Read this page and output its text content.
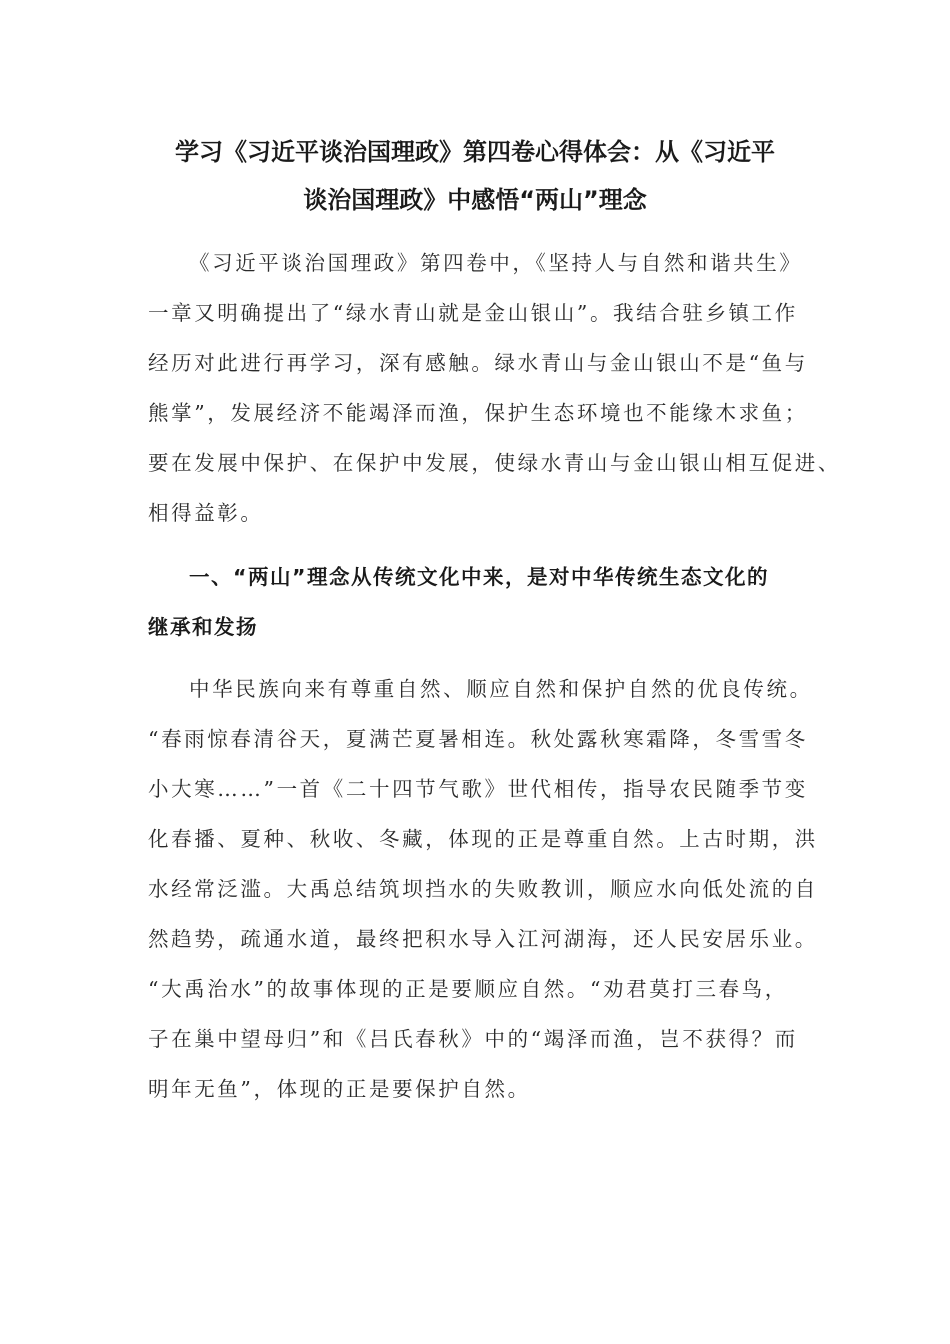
学习《习近平谈治国理政》第四卷心得体会：从《习近平
谈治国理政》中感悟“两山”理念
《习近平谈治国理政》第四卷中，《坚持人与自然和谐共生》
一章又明确提出了“绿水青山就是金山银山”。我结合驻乡镇工作
经历对此进行再学习，深有感触。绿水青山与金山银山不是“鱼与
熊掌”，发展经济不能竭泽而渔，保护生态环境也不能缘木求鱼；
要在发展中保护、在保护中发展，使绿水青山与金山银山相互促进、
相得益彰。
一、“两山”理念从传统文化中来，是对中华传统生态文化的
继承和发扬
中华民族向来有尊重自然、顺应自然和保护自然的优良传统。
“春雨惊春清谷天，夏满芒夏暑相连。秋处露秋寒霜降，冬雪雪冬
小大寒……”一首《二十四节气歌》世代相传，指导农民随季节变
化春播、夏种、秋收、冬藏，体现的正是尊重自然。上古时期，洪
水经常泛滥。大禹总结筑坝挡水的失败教训，顺应水向低处流的自
然趋势，疏通水道，最终把积水导入江河湖海，还人民安居乐业。
“大禹治水”的故事体现的正是要顺应自然。“劝君莫打三春鸟，
子在巢中望母归”和《吕氏春秋》中的“竭泽而渔，岂不获得？而
明年无鱼”，体现的正是要保护自然。
